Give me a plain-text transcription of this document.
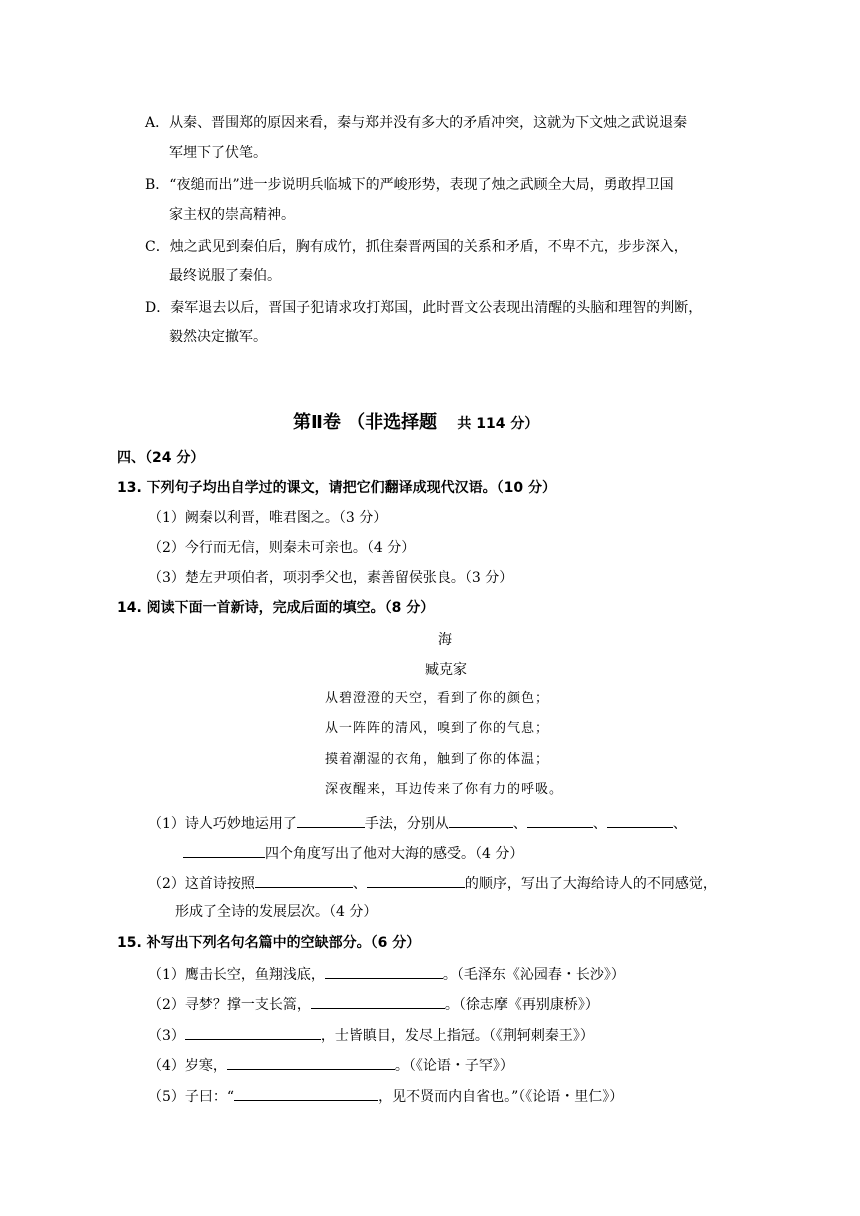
A．从秦、晋围郑的原因来看，秦与郑并没有多大的矛盾冲突，这就为下文烛之武说退秦
军埋下了伏笔。
B．“夜缒而出”进一步说明兵临城下的严峻形势，表现了烛之武顾全大局，勇敢捍卫国
家主权的崇高精神。
C．烛之武见到秦伯后，胸有成竹，抓住秦晋两国的关系和矛盾，不卑不亢，步步深入，
最终说服了秦伯。
D．秦军退去以后，晋国子犯请求攻打郑国，此时晋文公表现出清醒的头脑和理智的判断，
毅然决定撤军。
第Ⅱ卷 （非选择题 共 114 分）
四、（24 分）
13. 下列句子均出自学过的课文，请把它们翻译成现代汉语。（10 分）
（1）阙秦以利晋，唯君图之。（3 分）
（2）今行而无信，则秦未可亲也。（4 分）
（3）楚左尹项伯者，项羽季父也，素善留侯张良。（3 分）
14. 阅读下面一首新诗，完成后面的填空。（8 分）
海
臧克家
从碧澄澄的天空，看到了你的颜色；
从一阵阵的清风，嗅到了你的气息；
摸着潮湿的衣角，触到了你的体温；
深夜醒来，耳边传来了你有力的呼吸。
（1）诗人巧妙地运用了	手法，分别从	、	、	、
四个角度写出了他对大海的感受。（4 分）
（2）这首诗按照	、	的顺序，写出了大海给诗人的不同感觉，
形成了全诗的发展层次。（4 分）
15. 补写出下列名句名篇中的空缺部分。（6 分）
（1）鹰击长空，鱼翔浅底，	。（毛泽东《沁园春・长沙》）
（2）寻梦？撑一支长篙，	。（徐志摩《再别康桥》）
（3）	，士皆瞋目，发尽上指冠。（《荆轲刺秦王》）
（4）岁寒，	。（《论语・子罕》）
（5）子曰：“	，见不贤而内自省也。”（《论语・里仁》）
